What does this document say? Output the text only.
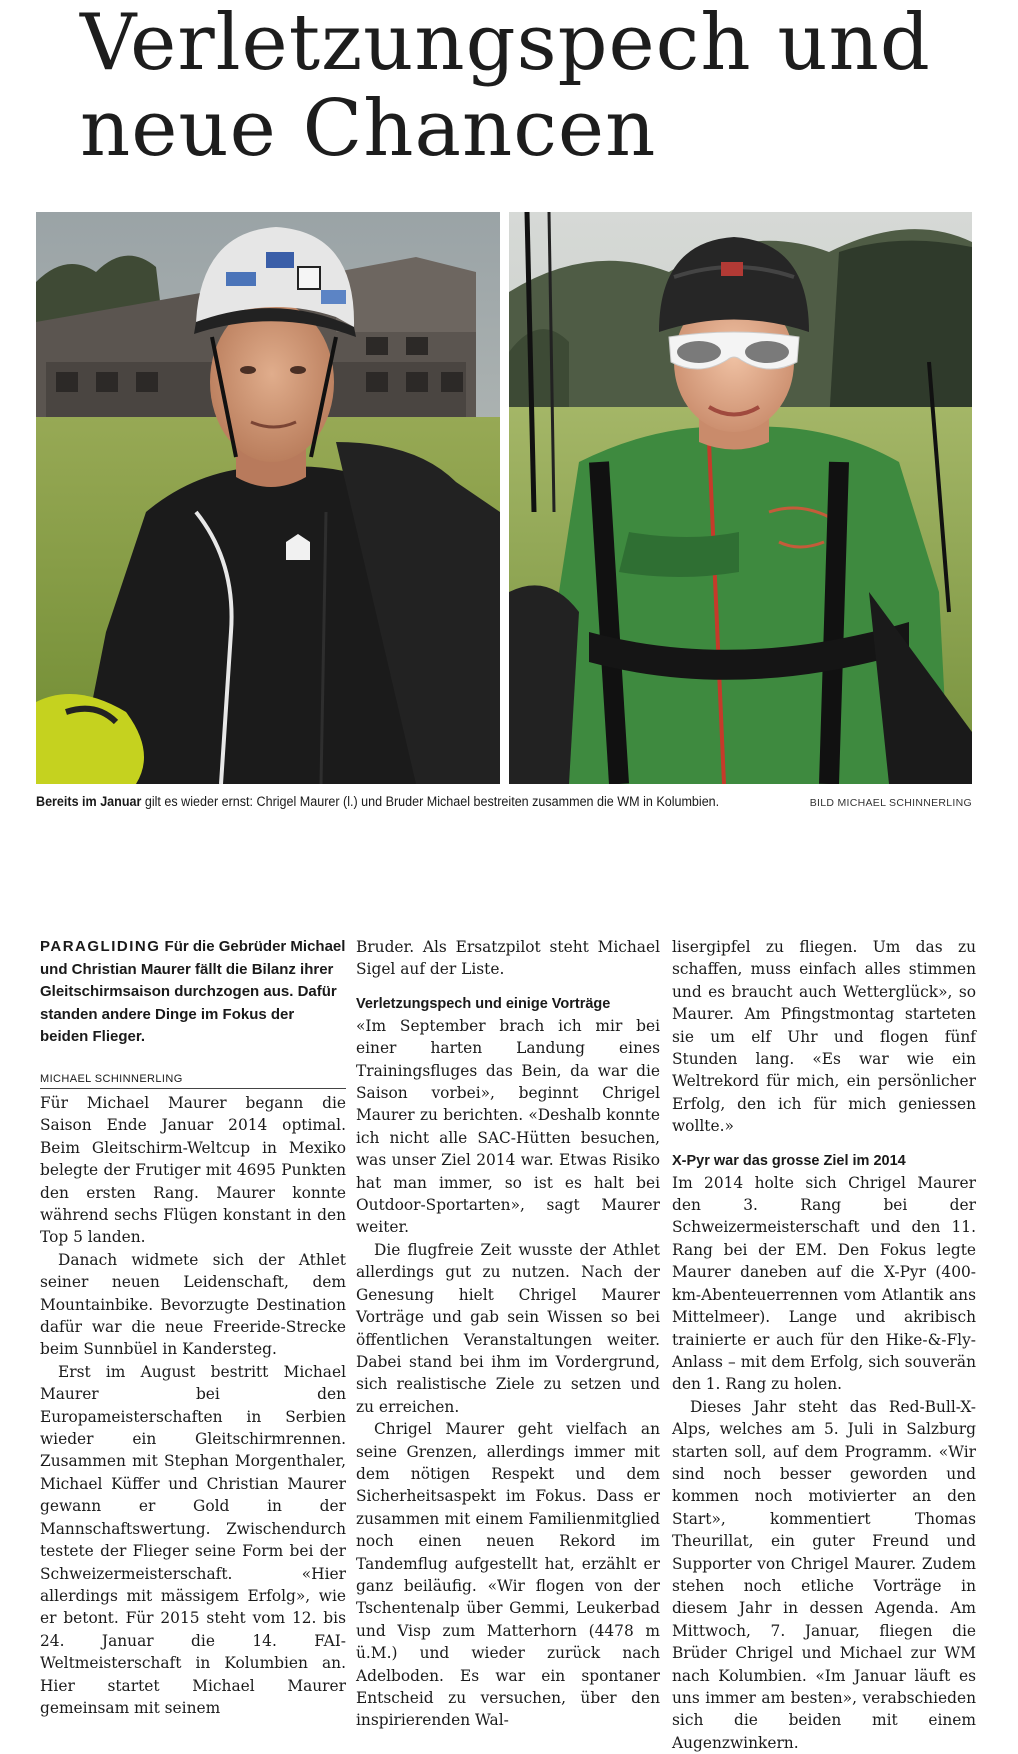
Verletzungspech und
neue Chancen
Bereits im Januar gilt es wieder ernst: Chrigel Maurer (l.) und Bruder Michael bestreiten zusammen die WM in Kolumbien.	BILD MICHAEL SCHINNERLING
PARAGLIDING Für die Gebrüder Michael und Christian Maurer fällt die Bilanz ihrer Gleitschirmsaison durchzogen aus. Dafür standen andere Dinge im Fokus der beiden Flieger.
MICHAEL SCHINNERLING

Für Michael Maurer begann die Saison Ende Januar 2014 optimal. Beim Gleitschirm-Weltcup in Mexiko belegte der Frutiger mit 4695 Punkten den ersten Rang. Maurer konnte während sechs Flügen konstant in den Top 5 landen.

Danach widmete sich der Athlet seiner neuen Leidenschaft, dem Mountainbike. Bevorzugte Destination dafür war die neue Freeride-Strecke beim Sunnbüel in Kandersteg.

Erst im August bestritt Michael Maurer bei den Europameisterschaften in Serbien wieder ein Gleitschirmrennen. Zusammen mit Stephan Morgenthaler, Michael Küffer und Christian Maurer gewann er Gold in der Mannschaftswertung. Zwischendurch testete der Flieger seine Form bei der Schweizermeisterschaft. «Hier allerdings mit mässigem Erfolg», wie er betont. Für 2015 steht vom 12. bis 24. Januar die 14. FAI-Weltmeisterschaft in Kolumbien an. Hier startet Michael Maurer gemeinsam mit seinem

Bruder. Als Ersatzpilot steht Michael Sigel auf der Liste.

Verletzungspech und einige Vorträge

«Im September brach ich mir bei einer harten Landung eines Trainingsfluges das Bein, da war die Saison vorbei», beginnt Chrigel Maurer zu berichten. «Deshalb konnte ich nicht alle SAC-Hütten besuchen, was unser Ziel 2014 war. Etwas Risiko hat man immer, so ist es halt bei Outdoor-Sportarten», sagt Maurer weiter.

Die flugfreie Zeit wusste der Athlet allerdings gut zu nutzen. Nach der Genesung hielt Chrigel Maurer Vorträge und gab sein Wissen so bei öffentlichen Veranstaltungen weiter. Dabei stand bei ihm im Vordergrund, sich realistische Ziele zu setzen und zu erreichen.

Chrigel Maurer geht vielfach an seine Grenzen, allerdings immer mit dem nötigen Respekt und dem Sicherheitsaspekt im Fokus. Dass er zusammen mit einem Familienmitglied noch einen neuen Rekord im Tandemflug aufgestellt hat, erzählt er ganz beiläufig. «Wir flogen von der Tschentenalp über Gemmi, Leukerbad und Visp zum Matterhorn (4478 m ü.M.) und wieder zurück nach Adelboden. Es war ein spontaner Entscheid zu versuchen, über den inspirierenden Wal-

lisergipfel zu fliegen. Um das zu schaffen, muss einfach alles stimmen und es braucht auch Wetterglück», so Maurer. Am Pfingstmontag starteten sie um elf Uhr und flogen fünf Stunden lang. «Es war wie ein Weltrekord für mich, ein persönlicher Erfolg, den ich für mich geniessen wollte.»

X-Pyr war das grosse Ziel im 2014

Im 2014 holte sich Chrigel Maurer den 3. Rang bei der Schweizermeisterschaft und den 11. Rang bei der EM. Den Fokus legte Maurer daneben auf die X-Pyr (400-km-Abenteuerrennen vom Atlantik ans Mittelmeer). Lange und akribisch trainierte er auch für den Hike-&-Fly-Anlass – mit dem Erfolg, sich souverän den 1. Rang zu holen.

Dieses Jahr steht das Red-Bull-X-Alps, welches am 5. Juli in Salzburg starten soll, auf dem Programm. «Wir sind noch besser geworden und kommen noch motivierter an den Start», kommentiert Thomas Theurillat, ein guter Freund und Supporter von Chrigel Maurer. Zudem stehen noch etliche Vorträge in diesem Jahr in dessen Agenda. Am Mittwoch, 7. Januar, fliegen die Brüder Chrigel und Michael zur WM nach Kolumbien. «Im Januar läuft es uns immer am besten», verabschieden sich die beiden mit einem Augenzwinkern.
